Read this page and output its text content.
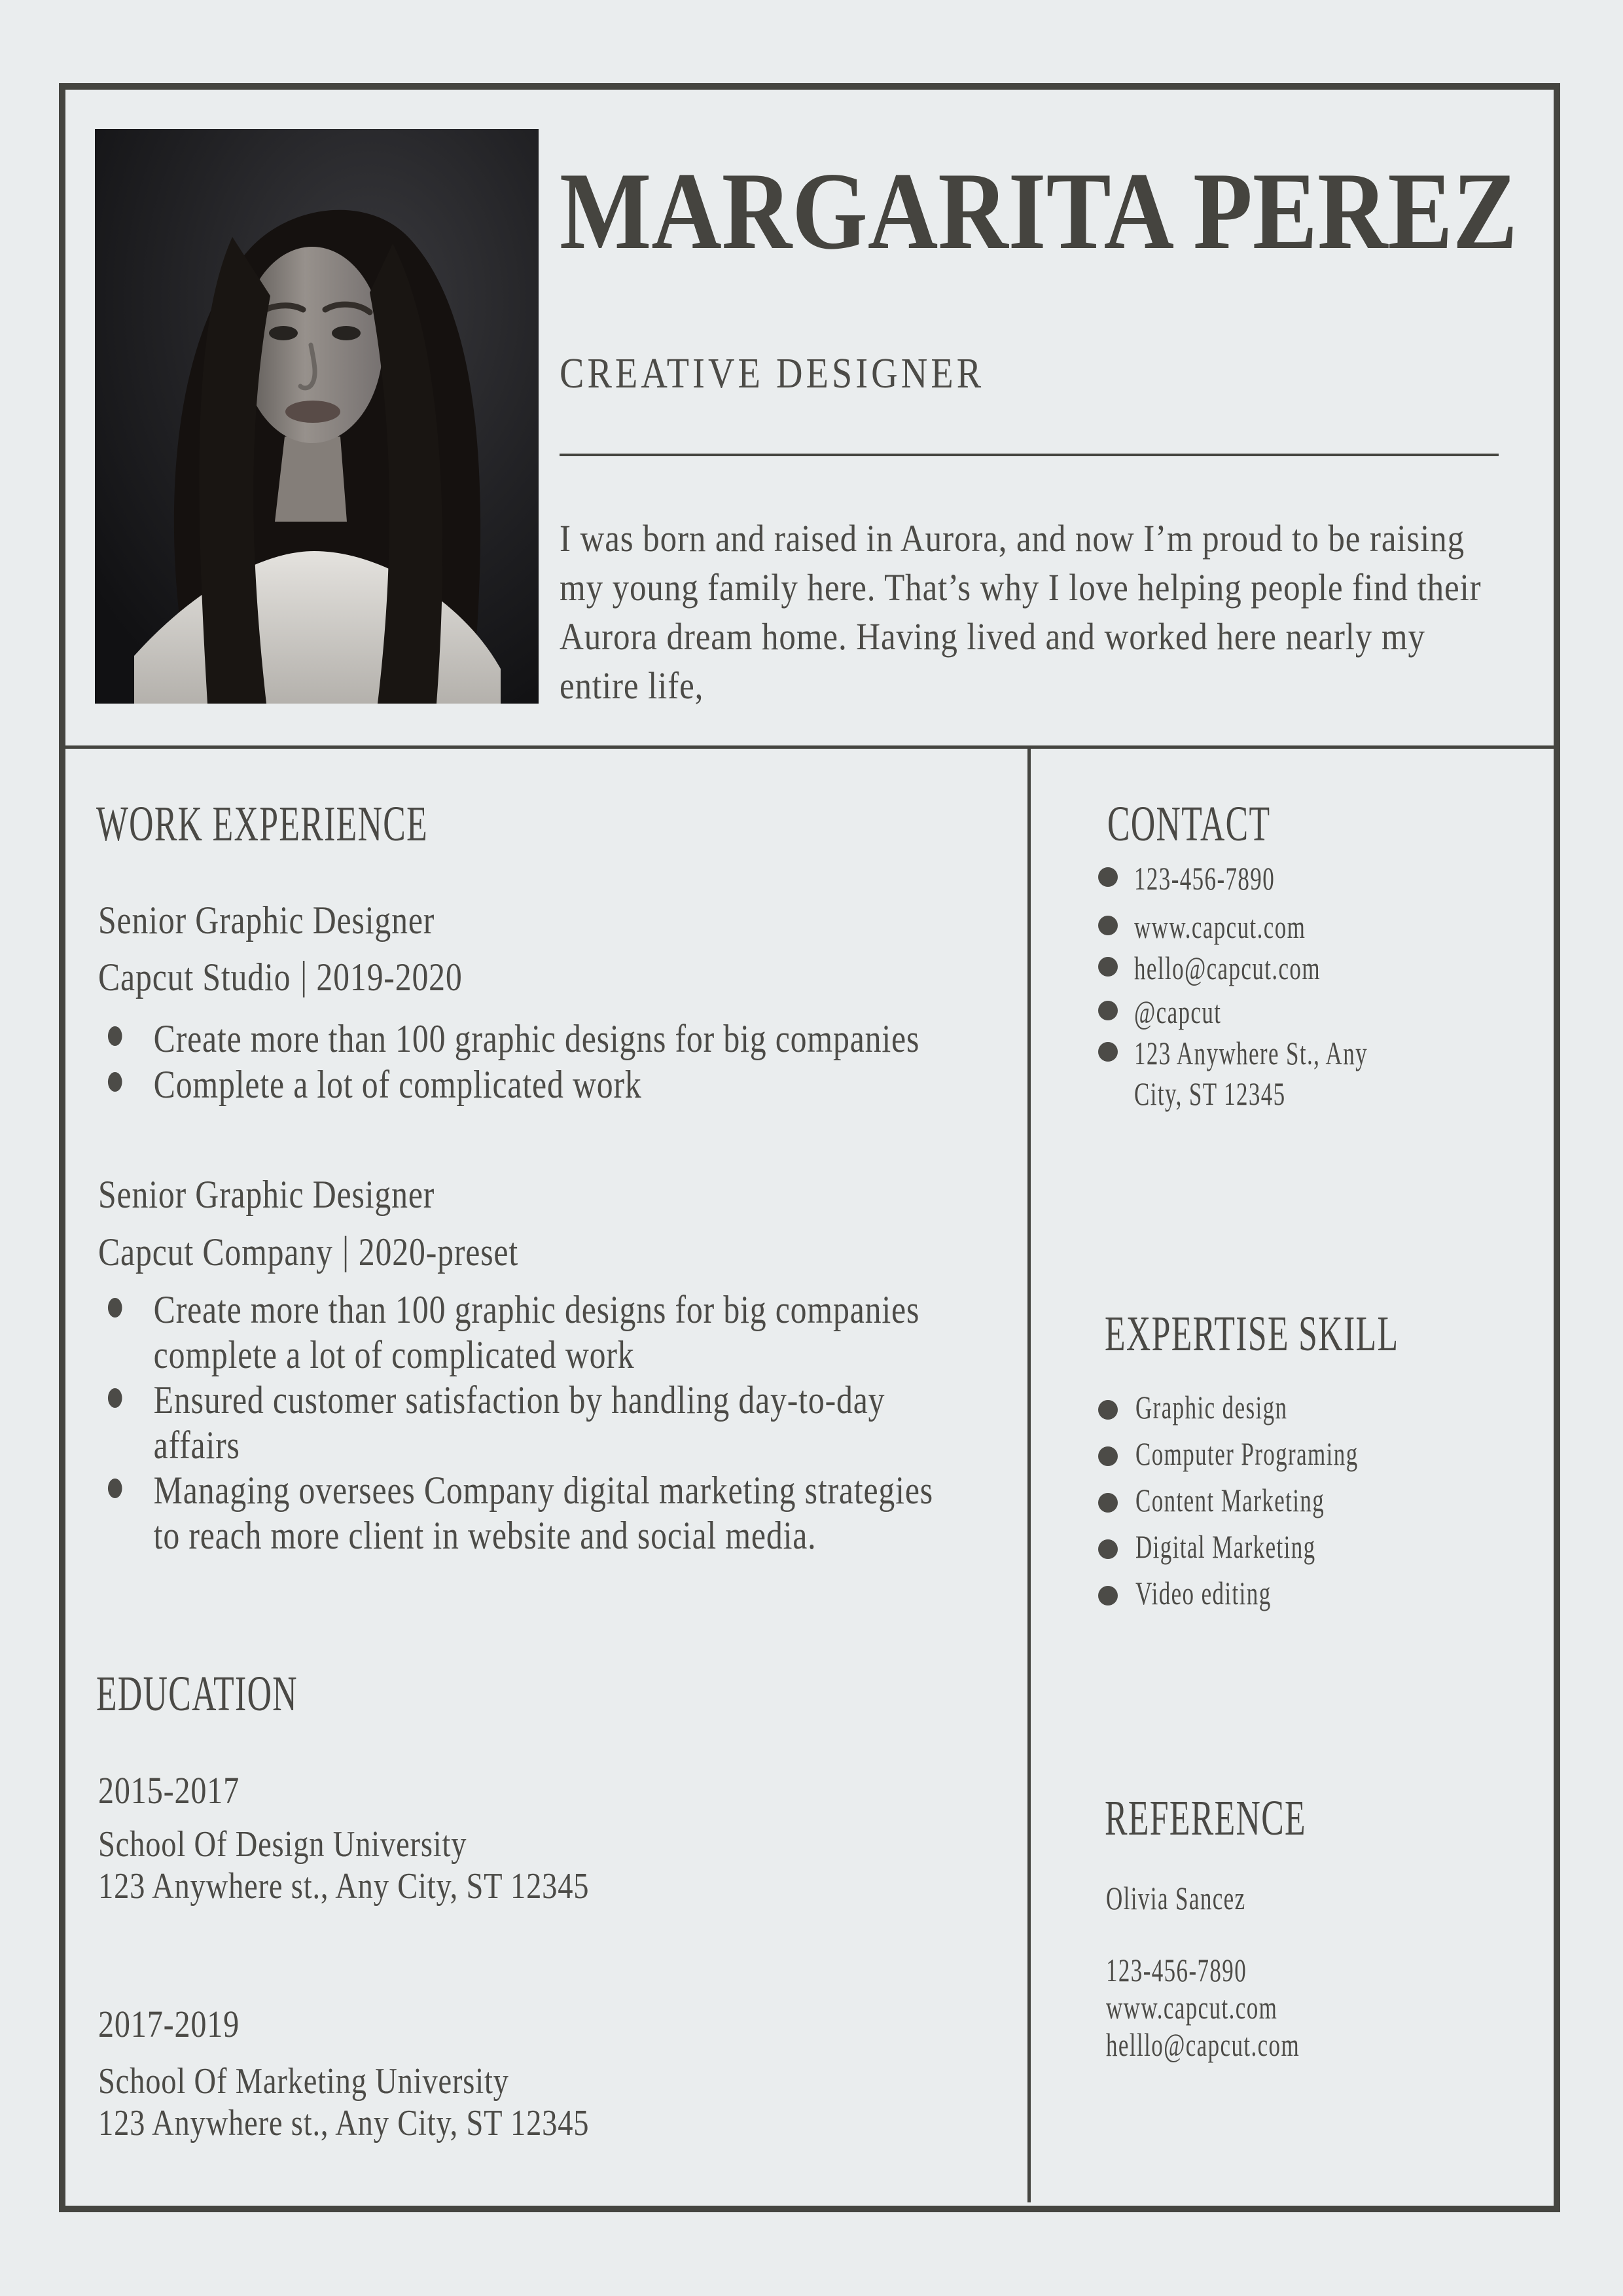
MARGARITA PEREZ
CREATIVE DESIGNER
I was born and raised in Aurora, and now I’m proud to be raising
my young family here. That’s why I love helping people find their
Aurora dream home. Having lived and worked here nearly my
entire life,
WORK EXPERIENCE
Senior Graphic Designer
Capcut Studio 2019-2020
Create more than 100 graphic designs for big companies
Complete a lot of complicated work
Senior Graphic Designer
Capcut Company 2020-preset
Create more than 100 graphic designs for big companies
complete a lot of complicated work
Ensured customer satisfaction by handling day-to-day
affairs
Managing oversees Company digital marketing strategies
to reach more client in website and social media.
EDUCATION
2015-2017
School Of Design University
123 Anywhere st., Any City, ST 12345
2017-2019
School Of Marketing University
123 Anywhere st., Any City, ST 12345
CONTACT
123-456-7890
www.capcut.com
hello@capcut.com
@capcut
123 Anywhere St., Any
City, ST 12345
EXPERTISE SKILL
Graphic design
Computer Programing
Content Marketing
Digital Marketing
Video editing
REFERENCE
Olivia Sancez
123-456-7890
www.capcut.com
helllo@capcut.com
